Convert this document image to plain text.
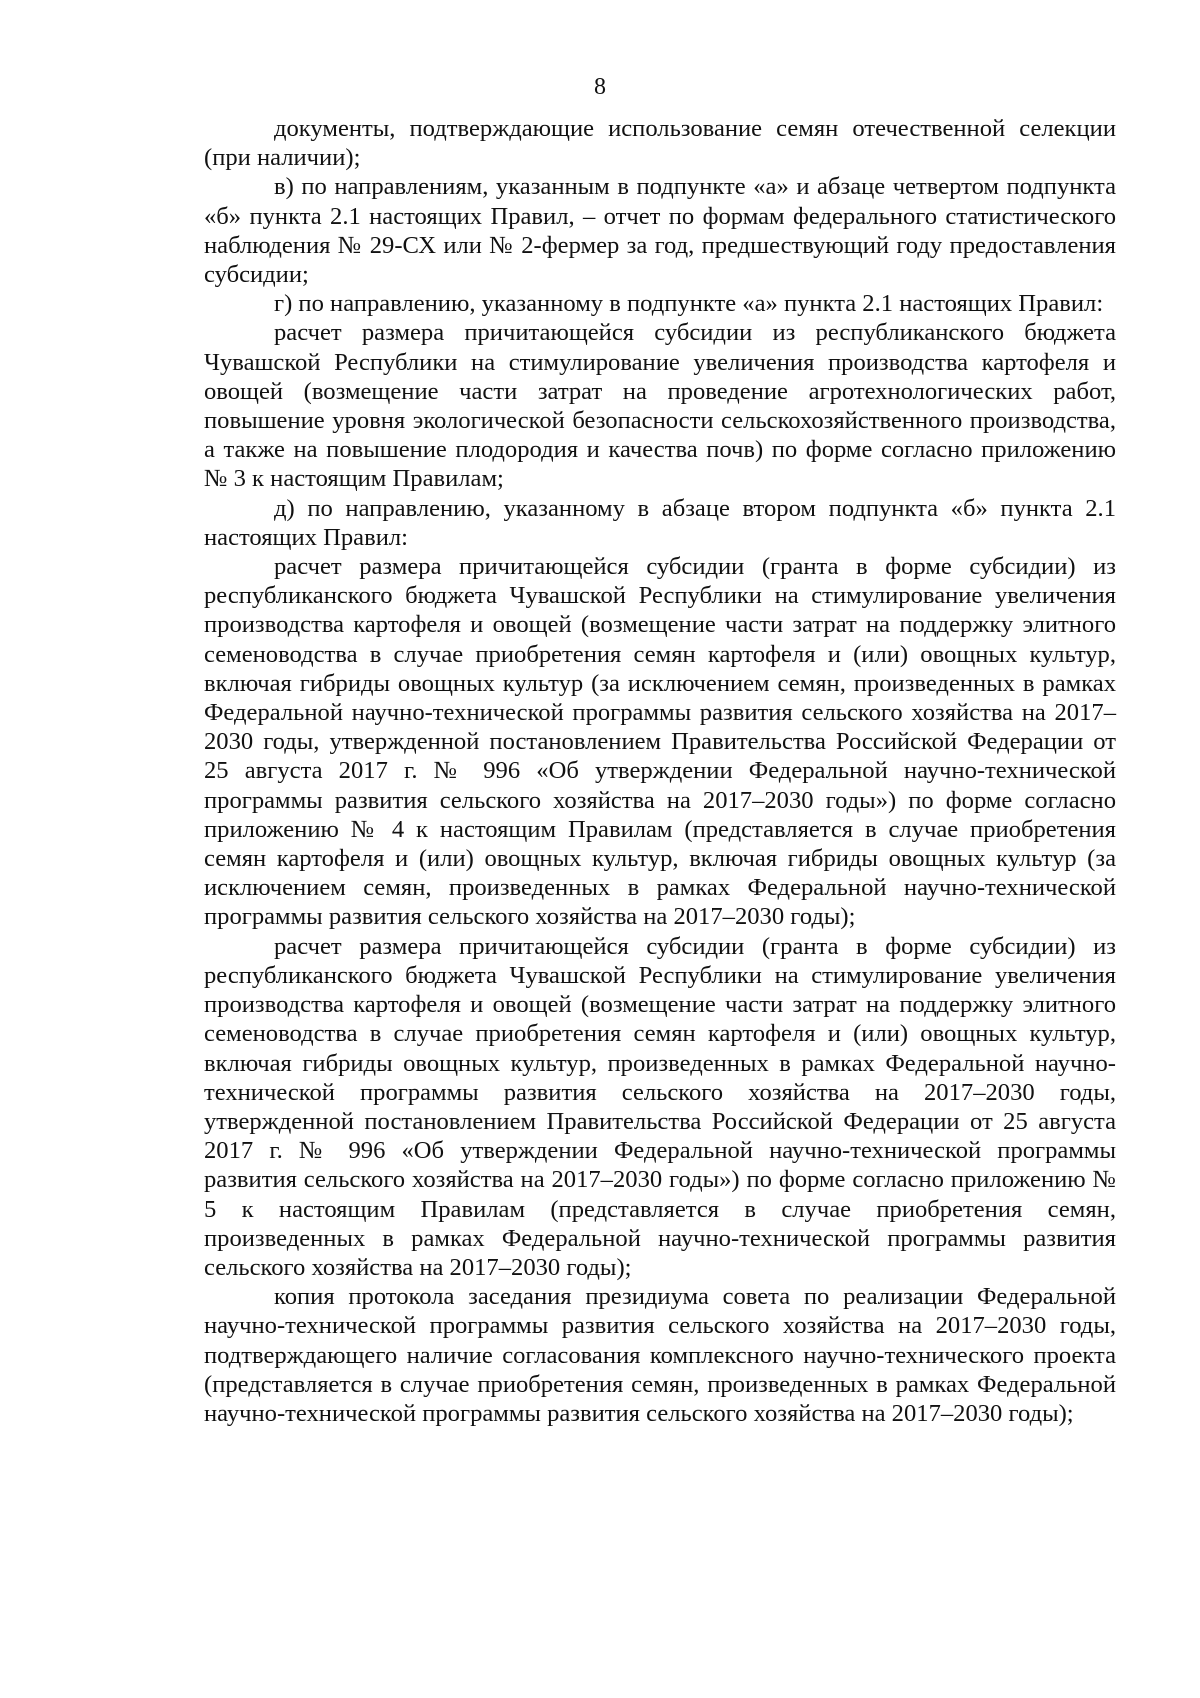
8

документы, подтверждающие использование семян отечественной селекции (при наличии);

в) по направлениям, указанным в подпункте «а» и абзаце четвертом подпункта «б» пункта 2.1 настоящих Правил, – отчет по формам федерального статистического наблюдения № 29-СХ или № 2-фермер за год, предшествующий году предоставления субсидии;

г) по направлению, указанному в подпункте «а» пункта 2.1 настоящих Правил:

расчет размера причитающейся субсидии из республиканского бюджета Чувашской Республики на стимулирование увеличения производства картофеля и овощей (возмещение части затрат на проведение агротехнологических работ, повышение уровня экологической безопасности сельскохозяйственного производства, а также на повышение плодородия и качества почв) по форме согласно приложению № 3 к настоящим Правилам;

д) по направлению, указанному в абзаце втором подпункта «б» пункта 2.1 настоящих Правил:

расчет размера причитающейся субсидии (гранта в форме субсидии) из республиканского бюджета Чувашской Республики на стимулирование увеличения производства картофеля и овощей (возмещение части затрат на поддержку элитного семеноводства в случае приобретения семян картофеля и (или) овощных культур, включая гибриды овощных культур (за исключением семян, произведенных в рамках Федеральной научно-технической программы развития сельского хозяйства на 2017–2030 годы, утвержденной постановлением Правительства Российской Федерации от 25 августа 2017 г. № 996 «Об утверждении Федеральной научно-технической программы развития сельского хозяйства на 2017–2030 годы») по форме согласно приложению № 4 к настоящим Правилам (представляется в случае приобретения семян картофеля и (или) овощных культур, включая гибриды овощных культур (за исключением семян, произведенных в рамках Федеральной научно-технической программы развития сельского хозяйства на 2017–2030 годы);

расчет размера причитающейся субсидии (гранта в форме субсидии) из республиканского бюджета Чувашской Республики на стимулирование увеличения производства картофеля и овощей (возмещение части затрат на поддержку элитного семеноводства в случае приобретения семян картофеля и (или) овощных культур, включая гибриды овощных культур, произведенных в рамках Федеральной научно-технической программы развития сельского хозяйства на 2017–2030 годы, утвержденной постановлением Правительства Российской Федерации от 25 августа 2017 г. № 996 «Об утверждении Федеральной научно-технической программы развития сельского хозяйства на 2017–2030 годы») по форме согласно приложению № 5 к настоящим Правилам (представляется в случае приобретения семян, произведенных в рамках Федеральной научно-технической программы развития сельского хозяйства на 2017–2030 годы);

копия протокола заседания президиума совета по реализации Федеральной научно-технической программы развития сельского хозяйства на 2017–2030 годы, подтверждающего наличие согласования комплексного научно-технического проекта (представляется в случае приобретения семян, произведенных в рамках Федеральной научно-технической программы развития сельского хозяйства на 2017–2030 годы);
